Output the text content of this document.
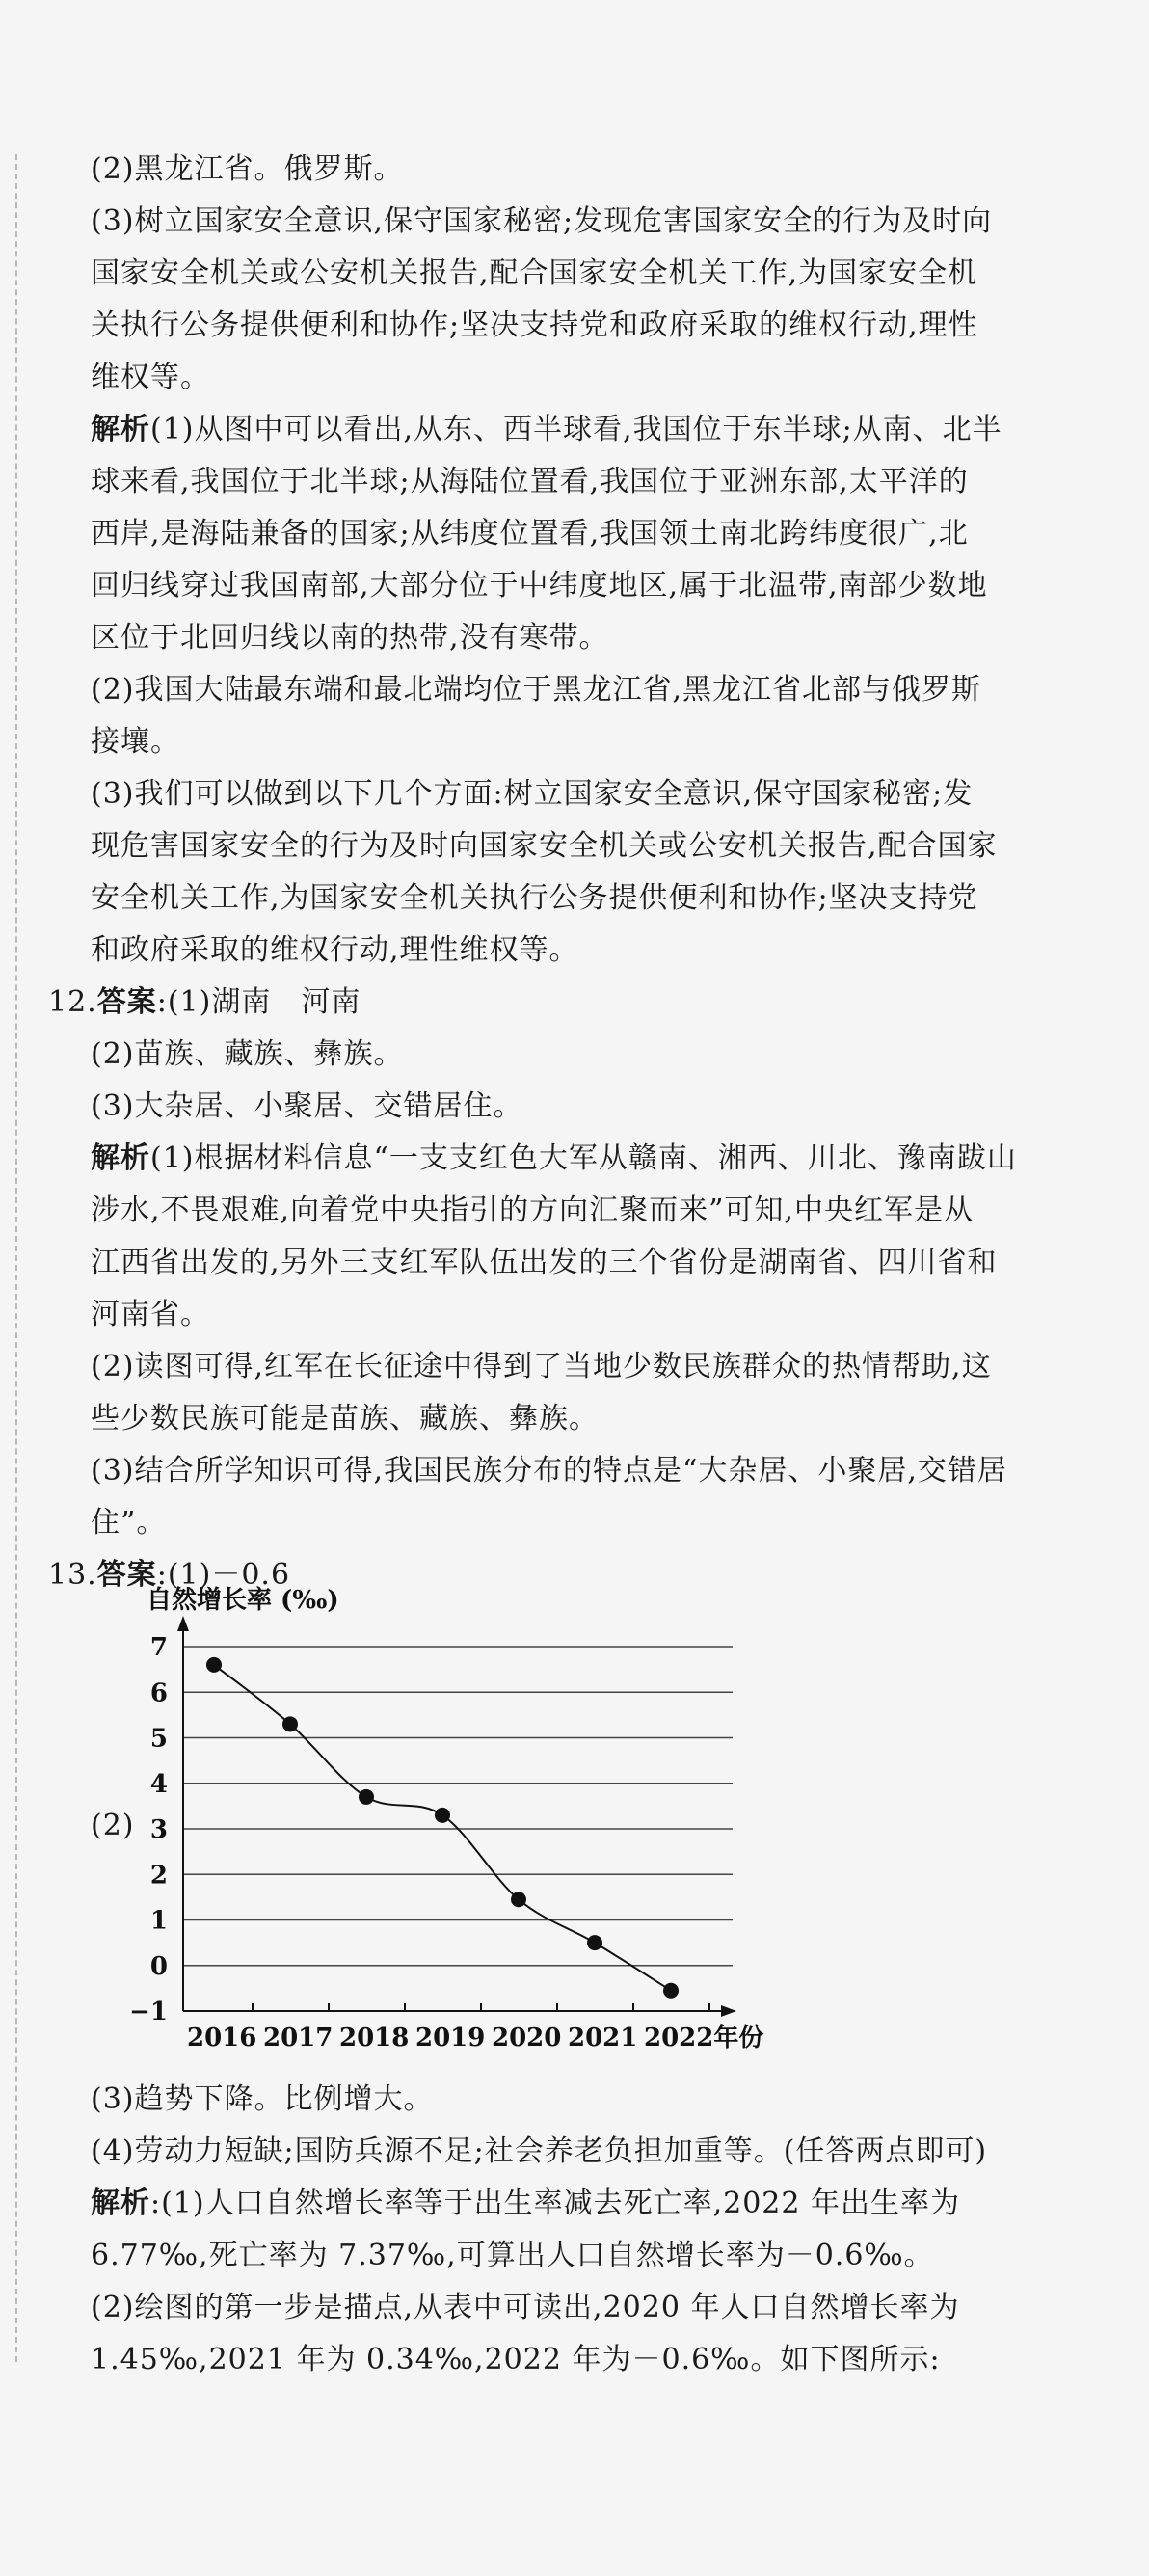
(2)黑龙江省。俄罗斯。
(3)树立国家安全意识,保守国家秘密;发现危害国家安全的行为及时向
国家安全机关或公安机关报告,配合国家安全机关工作,为国家安全机
关执行公务提供便利和协作;坚决支持党和政府采取的维权行动,理性
维权等。
解析(1)从图中可以看出,从东、西半球看,我国位于东半球;从南、北半
球来看,我国位于北半球;从海陆位置看,我国位于亚洲东部,太平洋的
西岸,是海陆兼备的国家;从纬度位置看,我国领土南北跨纬度很广,北
回归线穿过我国南部,大部分位于中纬度地区,属于北温带,南部少数地
区位于北回归线以南的热带,没有寒带。
(2)我国大陆最东端和最北端均位于黑龙江省,黑龙江省北部与俄罗斯
接壤。
(3)我们可以做到以下几个方面:树立国家安全意识,保守国家秘密;发
现危害国家安全的行为及时向国家安全机关或公安机关报告,配合国家
安全机关工作,为国家安全机关执行公务提供便利和协作;坚决支持党
和政府采取的维权行动,理性维权等。
12.答案:(1)湖南　河南
(2)苗族、藏族、彝族。
(3)大杂居、小聚居、交错居住。
解析(1)根据材料信息“一支支红色大军从赣南、湘西、川北、豫南跋山
涉水,不畏艰难,向着党中央指引的方向汇聚而来”可知,中央红军是从
江西省出发的,另外三支红军队伍出发的三个省份是湖南省、四川省和
河南省。
(2)读图可得,红军在长征途中得到了当地少数民族群众的热情帮助,这
些少数民族可能是苗族、藏族、彝族。
(3)结合所学知识可得,我国民族分布的特点是“大杂居、小聚居,交错居
住”。
13.答案:(1)－0.6
(2)
(3)趋势下降。比例增大。
(4)劳动力短缺;国防兵源不足;社会养老负担加重等。(任答两点即可)
解析:(1)人口自然增长率等于出生率减去死亡率,2022 年出生率为
6.77‰,死亡率为 7.37‰,可算出人口自然增长率为－0.6‰。
(2)绘图的第一步是描点,从表中可读出,2020 年人口自然增长率为
1.45‰,2021 年为 0.34‰,2022 年为－0.6‰。如下图所示:
自然增长率 (‰)
−1
0
1
2
3
4
5
6
7
2016 2017 2018 2019 2020 2021 2022年份
